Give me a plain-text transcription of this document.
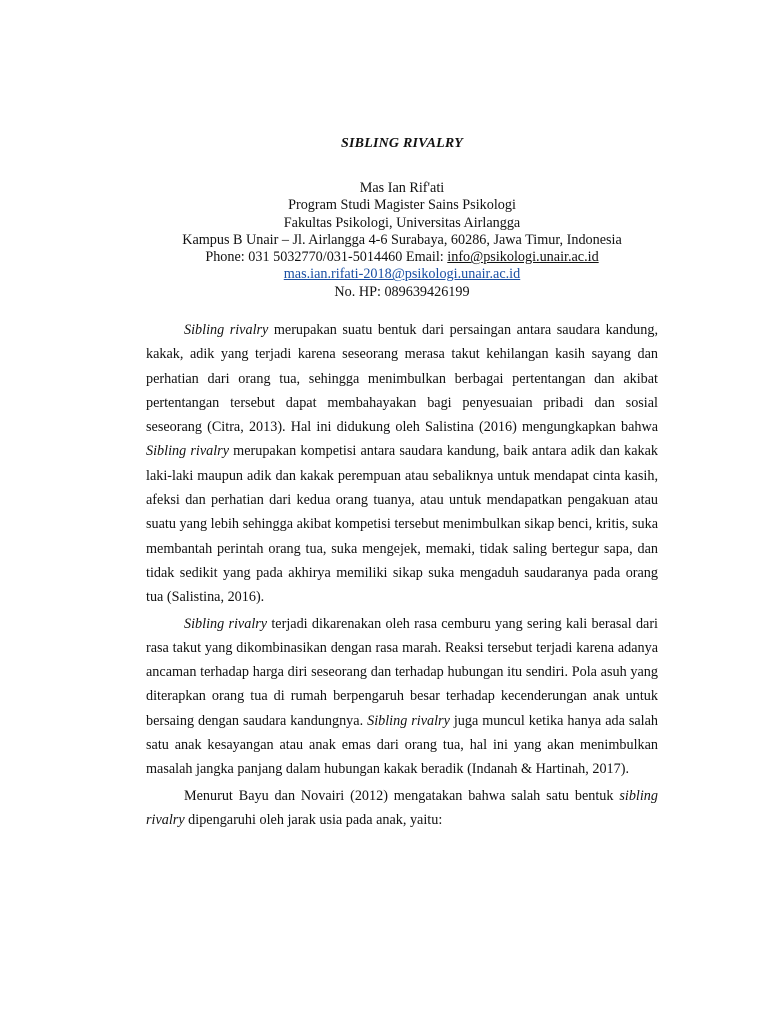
SIBLING RIVALRY
Mas Ian Rif'ati
Program Studi Magister Sains Psikologi
Fakultas Psikologi, Universitas Airlangga
Kampus B Unair – Jl. Airlangga 4-6 Surabaya, 60286, Jawa Timur, Indonesia
Phone: 031 5032770/031-5014460 Email: info@psikologi.unair.ac.id
mas.ian.rifati-2018@psikologi.unair.ac.id
No. HP: 089639426199

Sibling rivalry merupakan suatu bentuk dari persaingan antara saudara kandung, kakak, adik yang terjadi karena seseorang merasa takut kehilangan kasih sayang dan perhatian dari orang tua, sehingga menimbulkan berbagai pertentangan dan akibat pertentangan tersebut dapat membahayakan bagi penyesuaian pribadi dan sosial seseorang (Citra, 2013). Hal ini didukung oleh Salistina (2016) mengungkapkan bahwa Sibling rivalry merupakan kompetisi antara saudara kandung, baik antara adik dan kakak laki-laki maupun adik dan kakak perempuan atau sebaliknya untuk mendapat cinta kasih, afeksi dan perhatian dari kedua orang tuanya, atau untuk mendapatkan pengakuan atau suatu yang lebih sehingga akibat kompetisi tersebut menimbulkan sikap benci, kritis, suka membantah perintah orang tua, suka mengejek, memaki, tidak saling bertegur sapa, dan tidak sedikit yang pada akhirya memiliki sikap suka mengaduh saudaranya pada orang tua (Salistina, 2016).

Sibling rivalry terjadi dikarenakan oleh rasa cemburu yang sering kali berasal dari rasa takut yang dikombinasikan dengan rasa marah. Reaksi tersebut terjadi karena adanya ancaman terhadap harga diri seseorang dan terhadap hubungan itu sendiri. Pola asuh yang diterapkan orang tua di rumah berpengaruh besar terhadap kecenderungan anak untuk bersaing dengan saudara kandungnya. Sibling rivalry juga muncul ketika hanya ada salah satu anak kesayangan atau anak emas dari orang tua, hal ini yang akan menimbulkan masalah jangka panjang dalam hubungan kakak beradik (Indanah & Hartinah, 2017).

Menurut Bayu dan Novairi (2012) mengatakan bahwa salah satu bentuk sibling rivalry dipengaruhi oleh jarak usia pada anak, yaitu:
